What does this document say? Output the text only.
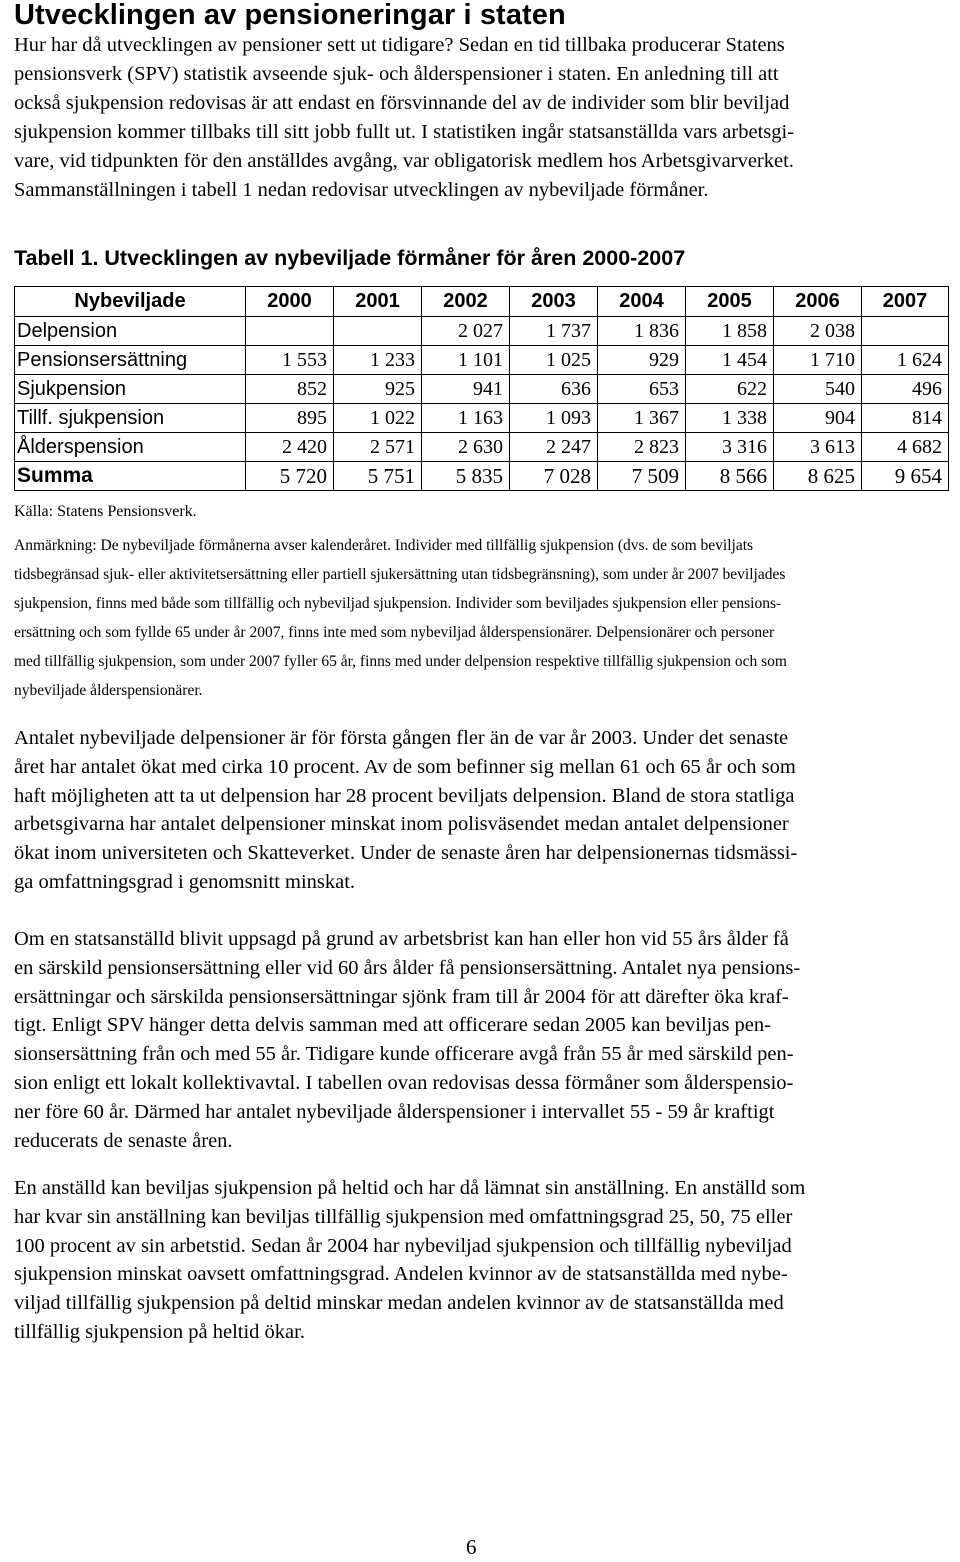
Utvecklingen av pensioneringar i staten
Hur har då utvecklingen av pensioner sett ut tidigare? Sedan en tid tillbaka producerar Statens
pensionsverk (SPV) statistik avseende sjuk- och ålderspensioner i staten. En anledning till att
också sjukpension redovisas är att endast en försvinnande del av de individer som blir beviljad
sjukpension kommer tillbaks till sitt jobb fullt ut. I statistiken ingår statsanställda vars arbetsgi-
vare, vid tidpunkten för den anställdes avgång, var obligatorisk medlem hos Arbetsgivarverket.
Sammanställningen i tabell 1 nedan redovisar utvecklingen av nybeviljade förmåner.
Tabell 1. Utvecklingen av nybeviljade förmåner för åren 2000-2007
Nybeviljade	2000	2001	2002	2003	2004	2005	2006	2007
Delpension			2 027	1 737	1 836	1 858	2 038	
Pensionsersättning	1 553	1 233	1 101	1 025	929	1 454	1 710	1 624
Sjukpension	852	925	941	636	653	622	540	496
Tillf. sjukpension	895	1 022	1 163	1 093	1 367	1 338	904	814
Ålderspension	2 420	2 571	2 630	2 247	2 823	3 316	3 613	4 682
Summa	5 720	5 751	5 835	7 028	7 509	8 566	8 625	9 654
Källa: Statens Pensionsverk.
Anmärkning: De nybeviljade förmånerna avser kalenderåret. Individer med tillfällig sjukpension (dvs. de som beviljats
tidsbegränsad sjuk- eller aktivitetsersättning eller partiell sjukersättning utan tidsbegränsning), som under år 2007 beviljades
sjukpension, finns med både som tillfällig och nybeviljad sjukpension. Individer som beviljades sjukpension eller pensions-
ersättning och som fyllde 65 under år 2007, finns inte med som nybeviljad ålderspensionärer. Delpensionärer och personer
med tillfällig sjukpension, som under 2007 fyller 65 år, finns med under delpension respektive tillfällig sjukpension och som
nybeviljade ålderspensionärer.
Antalet nybeviljade delpensioner är för första gången fler än de var år 2003. Under det senaste
året har antalet ökat med cirka 10 procent. Av de som befinner sig mellan 61 och 65 år och som
haft möjligheten att ta ut delpension har 28 procent beviljats delpension. Bland de stora statliga
arbetsgivarna har antalet delpensioner minskat inom polisväsendet medan antalet delpensioner
ökat inom universiteten och Skatteverket. Under de senaste åren har delpensionernas tidsmässi-
ga omfattningsgrad i genomsnitt minskat.
Om en statsanställd blivit uppsagd på grund av arbetsbrist kan han eller hon vid 55 års ålder få
en särskild pensionsersättning eller vid 60 års ålder få pensionsersättning. Antalet nya pensions-
ersättningar och särskilda pensionsersättningar sjönk fram till år 2004 för att därefter öka kraf-
tigt. Enligt SPV hänger detta delvis samman med att officerare sedan 2005 kan beviljas pen-
sionsersättning från och med 55 år. Tidigare kunde officerare avgå från 55 år med särskild pen-
sion enligt ett lokalt kollektivavtal. I tabellen ovan redovisas dessa förmåner som ålderspensio-
ner före 60 år. Därmed har antalet nybeviljade ålderspensioner i intervallet 55 - 59 år kraftigt
reducerats de senaste åren.
En anställd kan beviljas sjukpension på heltid och har då lämnat sin anställning. En anställd som
har kvar sin anställning kan beviljas tillfällig sjukpension med omfattningsgrad 25, 50, 75 eller
100 procent av sin arbetstid. Sedan år 2004 har nybeviljad sjukpension och tillfällig nybeviljad
sjukpension minskat oavsett omfattningsgrad. Andelen kvinnor av de statsanställda med nybe-
viljad tillfällig sjukpension på deltid minskar medan andelen kvinnor av de statsanställda med
tillfällig sjukpension på heltid ökar.
6
